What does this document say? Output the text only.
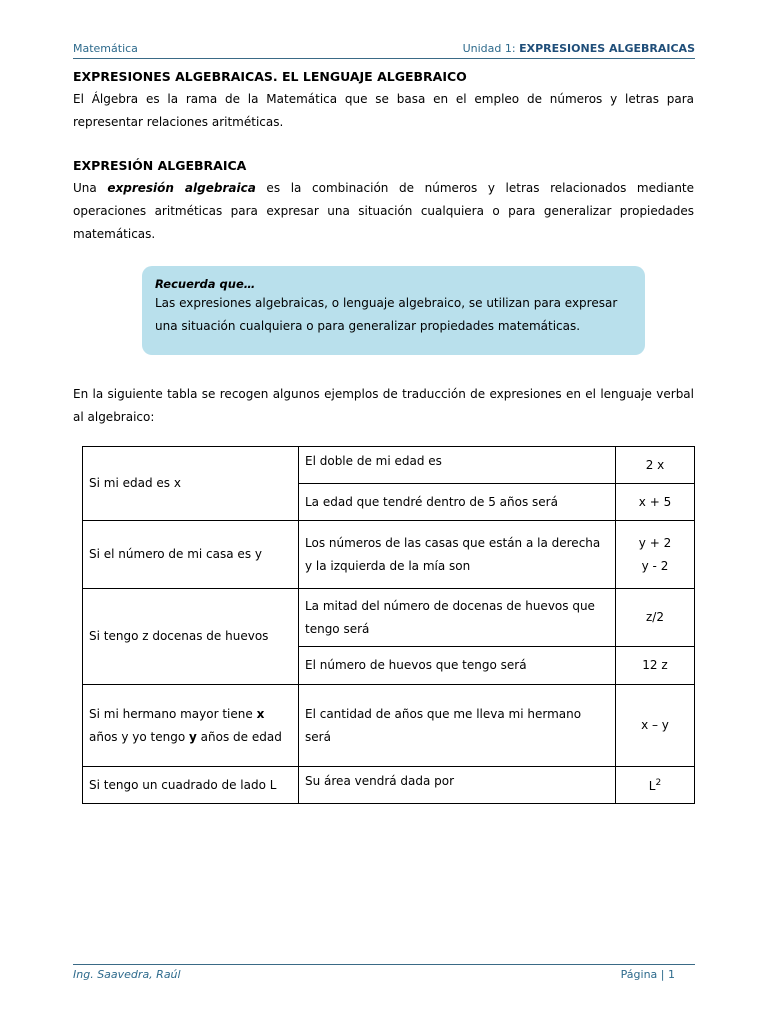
Matemática	Unidad 1: EXPRESIONES ALGEBRAICAS
EXPRESIONES ALGEBRAICAS. EL LENGUAJE ALGEBRAICO

El Álgebra es la rama de la Matemática que se basa en el empleo de números y letras para representar relaciones aritméticas.

EXPRESIÓN ALGEBRAICA

Una expresión algebraica es la combinación de números y letras relacionados mediante operaciones aritméticas para expresar una situación cualquiera o para generalizar propiedades matemáticas.

Recuerda que…
Las expresiones algebraicas, o lenguaje algebraico, se utilizan para expresar una situación cualquiera o para generalizar propiedades matemáticas.

En la siguiente tabla se recogen algunos ejemplos de traducción de expresiones en el lenguaje verbal al algebraico:

Si mi edad es x	El doble de mi edad es	2 x
	La edad que tendré dentro de 5 años será	x + 5
Si el número de mi casa es y	Los números de las casas que están a la derecha y la izquierda de la mía son	y + 2
y - 2

Si tengo z docenas de huevos	La mitad del número de docenas de huevos que tengo será	z/2
	El número de huevos que tengo será	12 z
Si mi hermano mayor tiene x años y yo tengo y años de edad	El cantidad de años que me lleva mi hermano será	x – y
Si tengo un cuadrado de lado L	Su área vendrá dada por	$L^2$
Ing. Saavedra, Raúl	Página | 1
